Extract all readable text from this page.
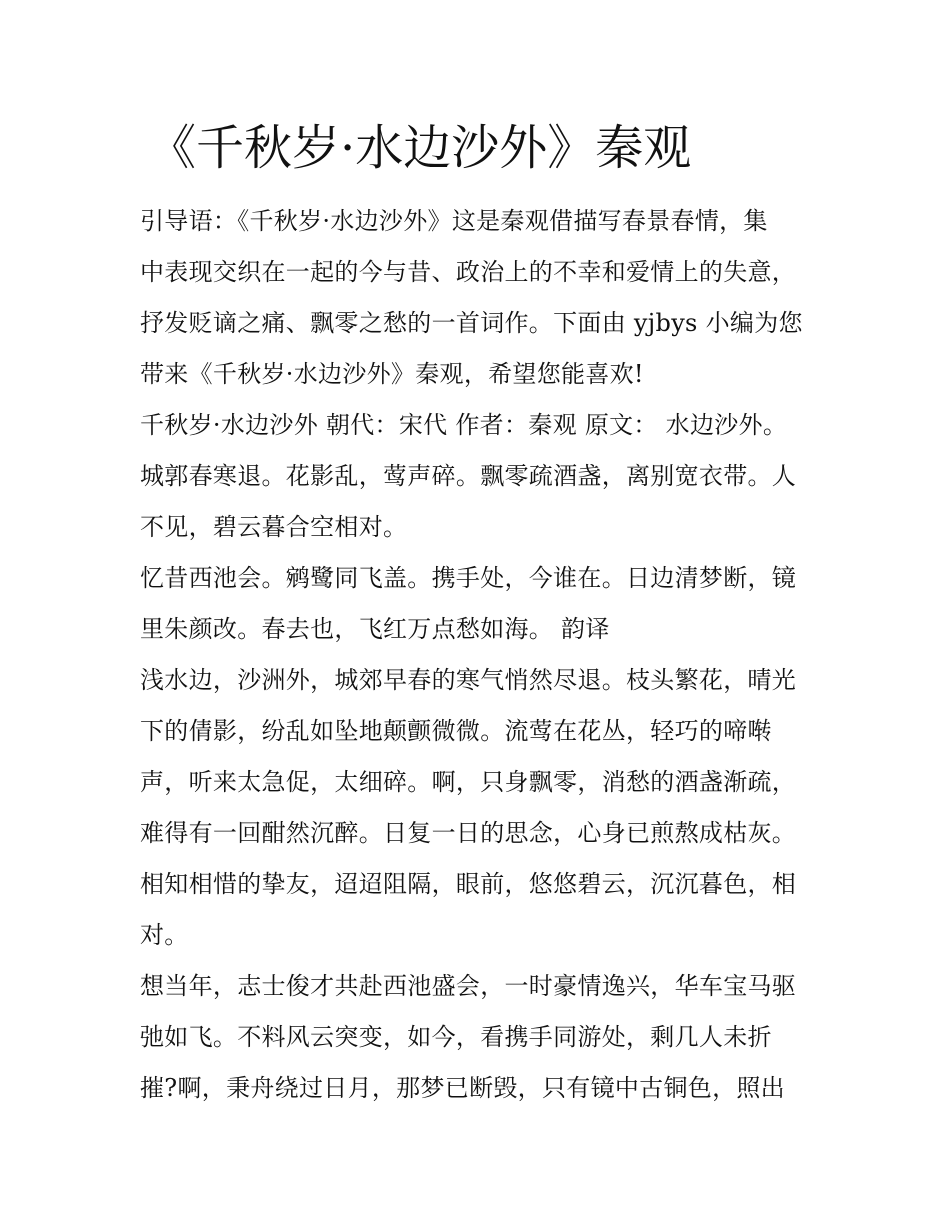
《千秋岁·水边沙外》秦观
引导语：《千秋岁·水边沙外》这是秦观借描写春景春情，集
中表现交织在一起的今与昔、政治上的不幸和爱情上的失意，
抒发贬谪之痛、飘零之愁的一首词作。下面由 yjbys 小编为您
带来《千秋岁·水边沙外》秦观，希望您能喜欢!
千秋岁·水边沙外 朝代：宋代 作者：秦观 原文： 水边沙外。
城郭春寒退。花影乱，莺声碎。飘零疏酒盏，离别宽衣带。人
不见，碧云暮合空相对。
忆昔西池会。鹓鹭同飞盖。携手处，今谁在。日边清梦断，镜
里朱颜改。春去也，飞红万点愁如海。 韵译
浅水边，沙洲外，城郊早春的寒气悄然尽退。枝头繁花，晴光
下的倩影，纷乱如坠地颠颤微微。流莺在花丛，轻巧的啼啭
声，听来太急促，太细碎。啊，只身飘零，消愁的酒盏渐疏，
难得有一回酣然沉醉。日复一日的思念，心身已煎熬成枯灰。
相知相惜的挚友，迢迢阻隔，眼前，悠悠碧云，沉沉暮色，相
对。
想当年，志士俊才共赴西池盛会，一时豪情逸兴，华车宝马驱
弛如飞。不料风云突变，如今，看携手同游处，剩几人未折
摧?啊，秉舟绕过日月，那梦已断毁，只有镜中古铜色，照出
